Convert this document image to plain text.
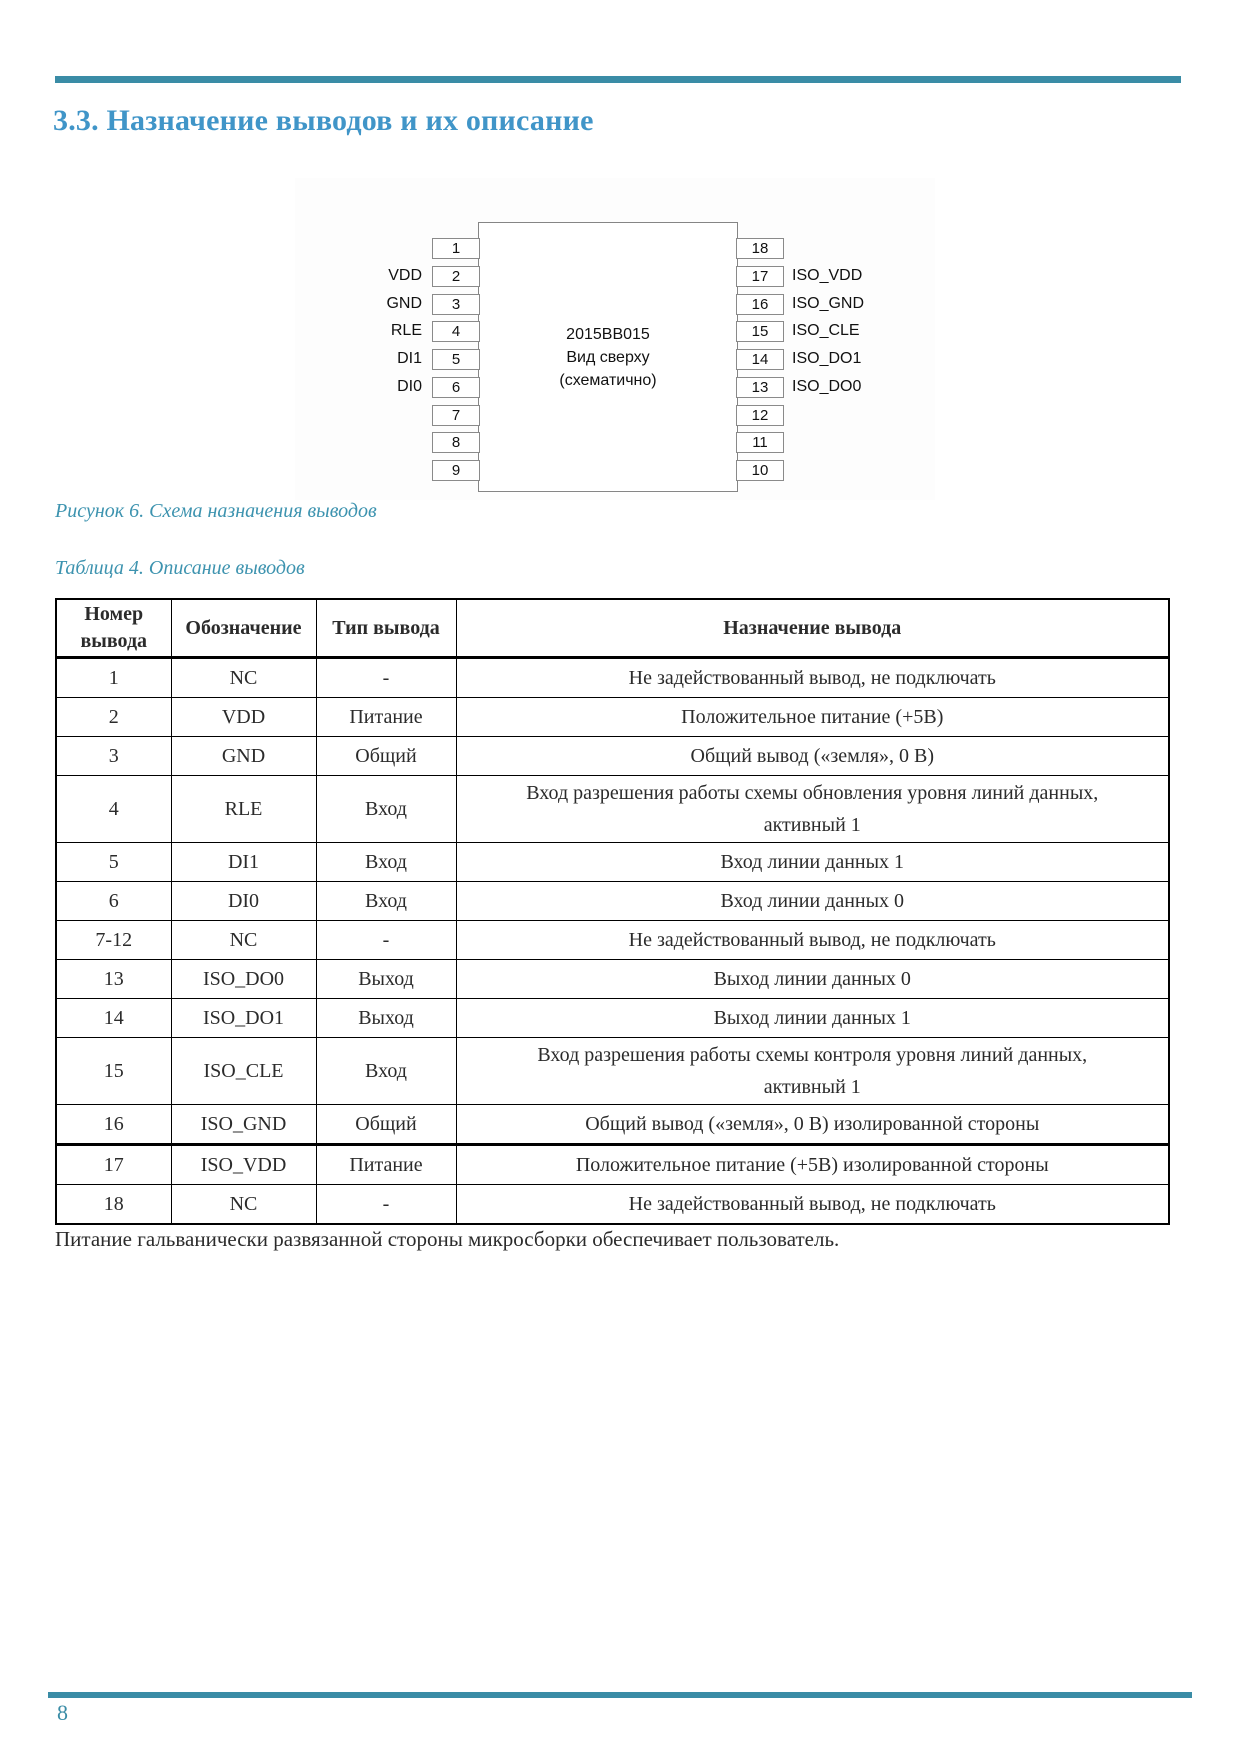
3.3. Назначение выводов и их описание
2015ВВ015
Вид сверху
(схематично)
1
2
VDD
3
GND
4
RLE
5
DI1
6
DI0
7
8
9
18
17	ISO_VDD
16	ISO_GND
15	ISO_CLE
14	ISO_DO1
13	ISO_DO0
12
11
10

Рисунок 6. Схема назначения выводов

Таблица 4. Описание выводов

Номер вывода	Обозначение	Тип вывода	Назначение вывода
1	NC	-	Не задействованный вывод, не подключать
2	VDD	Питание	Положительное питание (+5В)
3	GND	Общий	Общий вывод («земля», 0 В)
4	RLE	Вход	Вход разрешения работы схемы обновления уровня линий данных, активный 1
5	DI1	Вход	Вход линии данных 1
6	DI0	Вход	Вход линии данных 0
7-12	NC	-	Не задействованный вывод, не подключать
13	ISO_DO0	Выход	Выход линии данных 0
14	ISO_DO1	Выход	Выход линии данных 1
15	ISO_CLE	Вход	Вход разрешения работы схемы контроля уровня линий данных, активный 1
16	ISO_GND	Общий	Общий вывод («земля», 0 В) изолированной стороны
17	ISO_VDD	Питание	Положительное питание (+5В) изолированной стороны
18	NC	-	Не задействованный вывод, не подключать

Питание гальванически развязанной стороны микросборки обеспечивает пользователь.

8
